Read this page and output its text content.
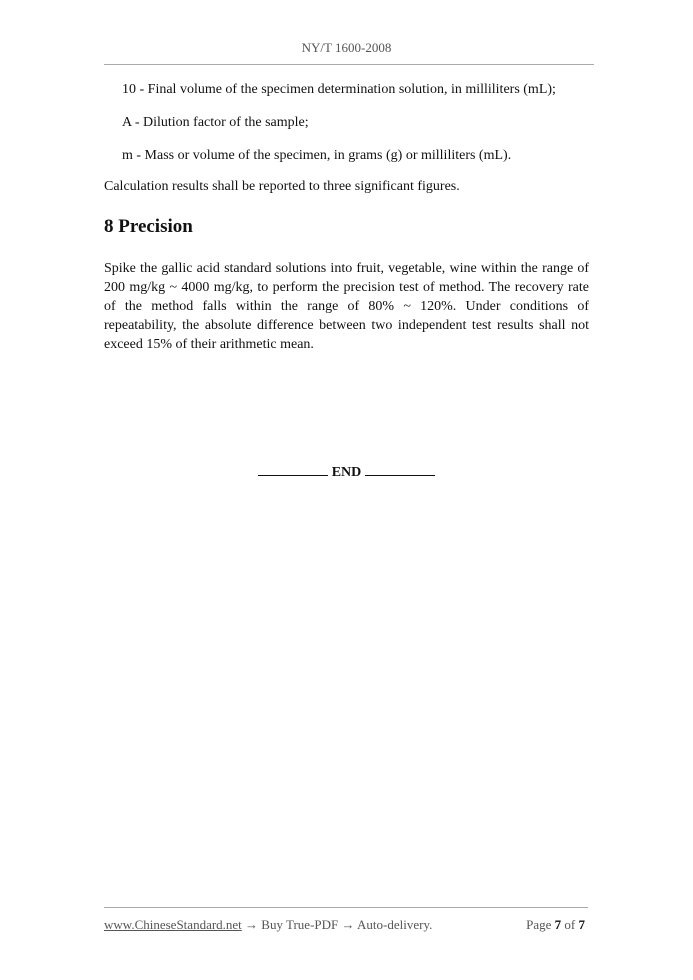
NY/T 1600-2008
10 - Final volume of the specimen determination solution, in milliliters (mL);
A - Dilution factor of the sample;
m - Mass or volume of the specimen, in grams (g) or milliliters (mL).
Calculation results shall be reported to three significant figures.
8 Precision

Spike the gallic acid standard solutions into fruit, vegetable, wine within the range of 200 mg/kg ~ 4000 mg/kg, to perform the precision test of method. The recovery rate of the method falls within the range of 80% ~ 120%. Under conditions of repeatability, the absolute difference between two independent test results shall not exceed 15% of their arithmetic mean.

END
www.ChineseStandard.net → Buy True-PDF → Auto-delivery.	Page 7 of 7
